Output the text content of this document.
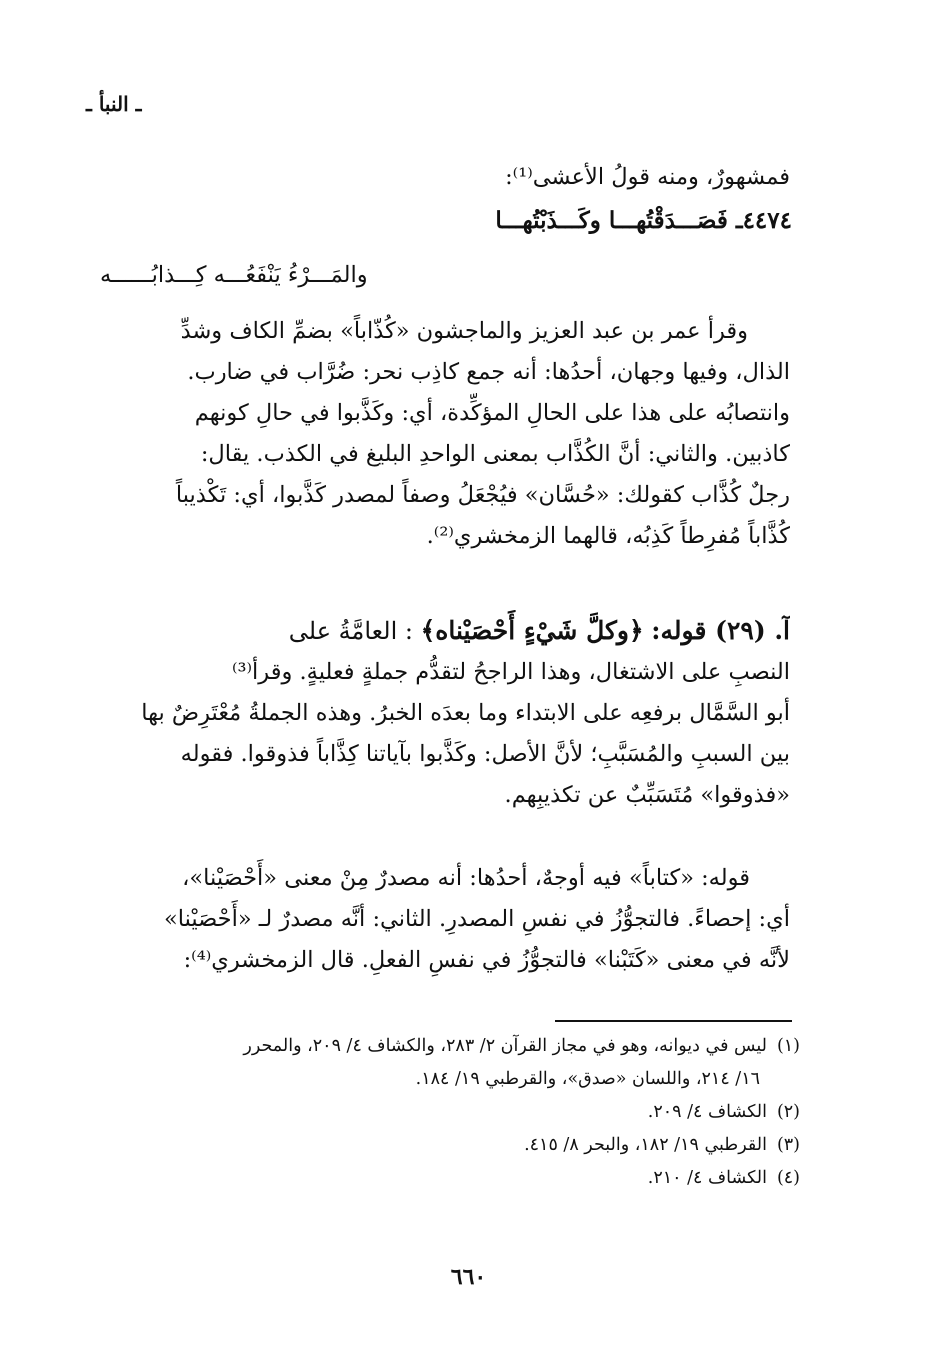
ـ النبأ ـ
فمشهورٌ، ومنه قولُ الأعشى⁽¹⁾:
٤٤٧٤ـ فَصَـــدَقْتُهـــا وكَـــذَبْتُهـــا
والمَـــرْءُ يَنْفَعُـــه كِـــذابُــــــه
وقرأ عمر بن عبد العزيز والماجشون «كُذّاباً» بضمِّ الكاف وشدِّ
الذال، وفيها وجهان، أحدُها: أنه جمع كاذِب نحر: ضُرَّاب في ضارب.
وانتصابُه على هذا على الحالِ المؤكِّدة، أي: وكَذَّبوا في حالِ كونهم
كاذبين. والثاني: أنَّ الكُذَّاب بمعنى الواحدِ البليغ في الكذب. يقال:
رجلٌ كُذَّاب كقولك: «حُسَّان» فيُجْعَلُ وصفاً لمصدر كَذَّبوا، أي: تَكْذيباً
كُذَّاباً مُفرِطاً كَذِبُه، قالهما الزمخشري⁽²⁾.
آ. (٢٩) قوله: ﴿وكلَّ شَيْءٍ أَحْصَيْناه﴾ : العامَّةُ على
النصبِ على الاشتغال، وهذا الراجحُ لتقدُّم جملةٍ فعليةٍ. وقرأ⁽³⁾
أبو السَّمَّال برفعِه على الابتداء وما بعدَه الخبرُ. وهذه الجملةُ مُعْتَرِضٌ بها
بين السببِ والمُسَبَّبِ؛ لأنَّ الأصل: وكَذَّبوا بآياتنا كِذَّاباً فذوقوا. فقوله
«فذوقوا» مُتَسَبِّبٌ عن تكذيبِهم.
قوله: «كتاباً» فيه أوجهٌ، أحدُها: أنه مصدرٌ مِنْ معنى «أَحْصَيْنا»،
أي: إحصاءً. فالتجوُّزُ في نفسِ المصدرِ. الثاني: أنَّه مصدرٌ لـ «أَحْصَيْنا»
لأنَّه في معنى «كَتَبْنا» فالتجوُّزُ في نفسِ الفعلِ. قال الزمخشري⁽⁴⁾:
(١)ليس في ديوانه، وهو في مجاز القرآن ٢/ ٢٨٣، والكشاف ٤/ ٢٠٩، والمحرر
١٦/ ٢١٤، واللسان «صدق»، والقرطبي ١٩/ ١٨٤.
(٢)الكشاف ٤/ ٢٠٩.
(٣)القرطبي ١٩/ ١٨٢، والبحر ٨/ ٤١٥.
(٤)الكشاف ٤/ ٢١٠.
٦٦٠
